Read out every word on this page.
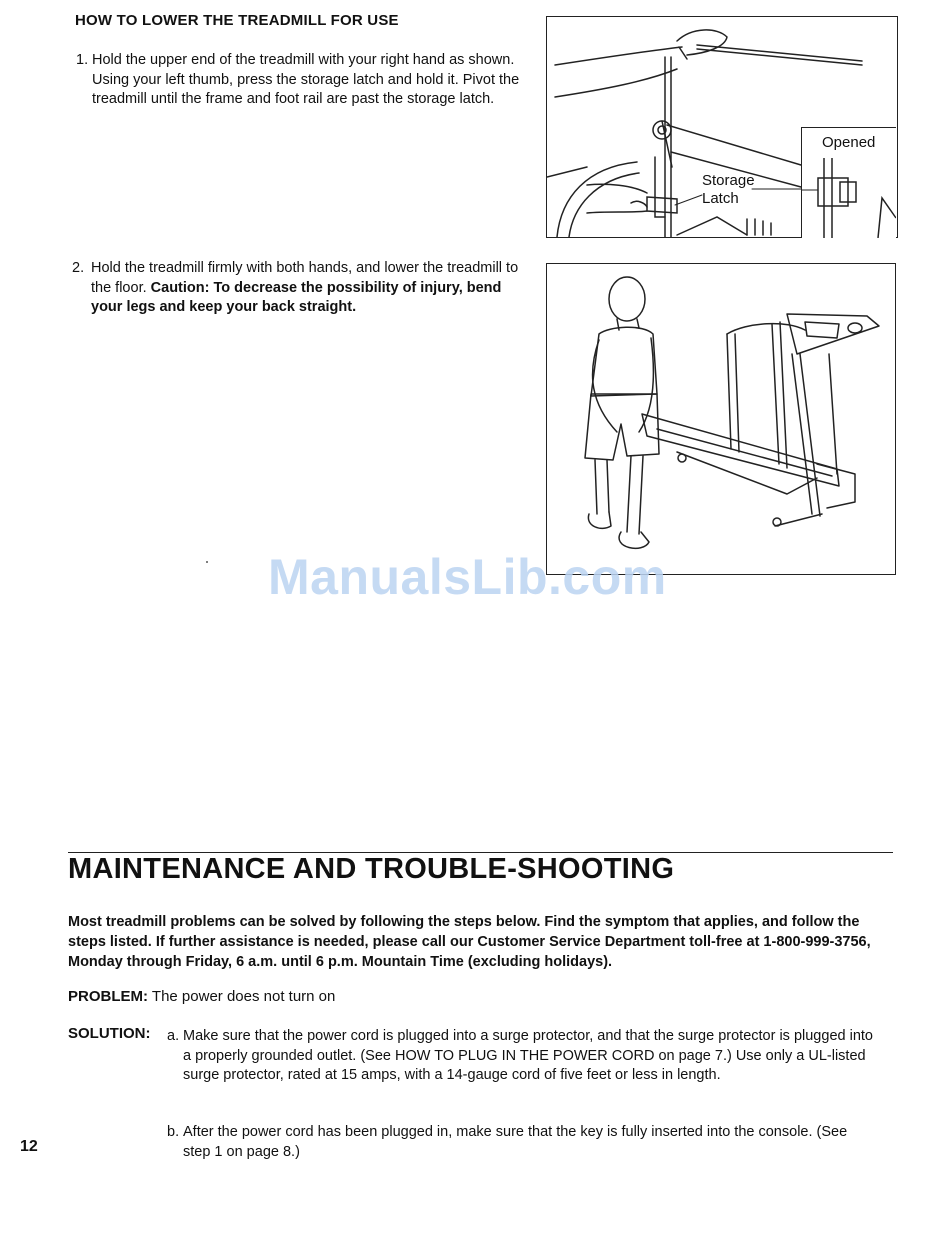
HOW TO LOWER THE TREADMILL FOR USE
1. Hold the upper end of the treadmill with your right hand as shown. Using your left thumb, press the storage latch and hold it. Pivot the treadmill until the frame and foot rail are past the storage latch.
2. Hold the treadmill firmly with both hands, and lower the treadmill to the floor. Caution: To decrease the possibility of injury, bend your legs and keep your back straight.
Opened
Storage
Latch
ManualsLib.com
MAINTENANCE AND TROUBLE-SHOOTING
Most treadmill problems can be solved by following the steps below. Find the symptom that applies, and follow the steps listed. If further assistance is needed, please call our Customer Service Department toll-free at 1-800-999-3756, Monday through Friday, 6 a.m. until 6 p.m. Mountain Time (excluding holidays).
PROBLEM: The power does not turn on
SOLUTION: a. Make sure that the power cord is plugged into a surge protector, and that the surge protector is plugged into a properly grounded outlet. (See HOW TO PLUG IN THE POWER CORD on page 7.) Use only a UL-listed surge protector, rated at 15 amps, with a 14-gauge cord of five feet or less in length.
b. After the power cord has been plugged in, make sure that the key is fully inserted into the console. (See step 1 on page 8.)
12
